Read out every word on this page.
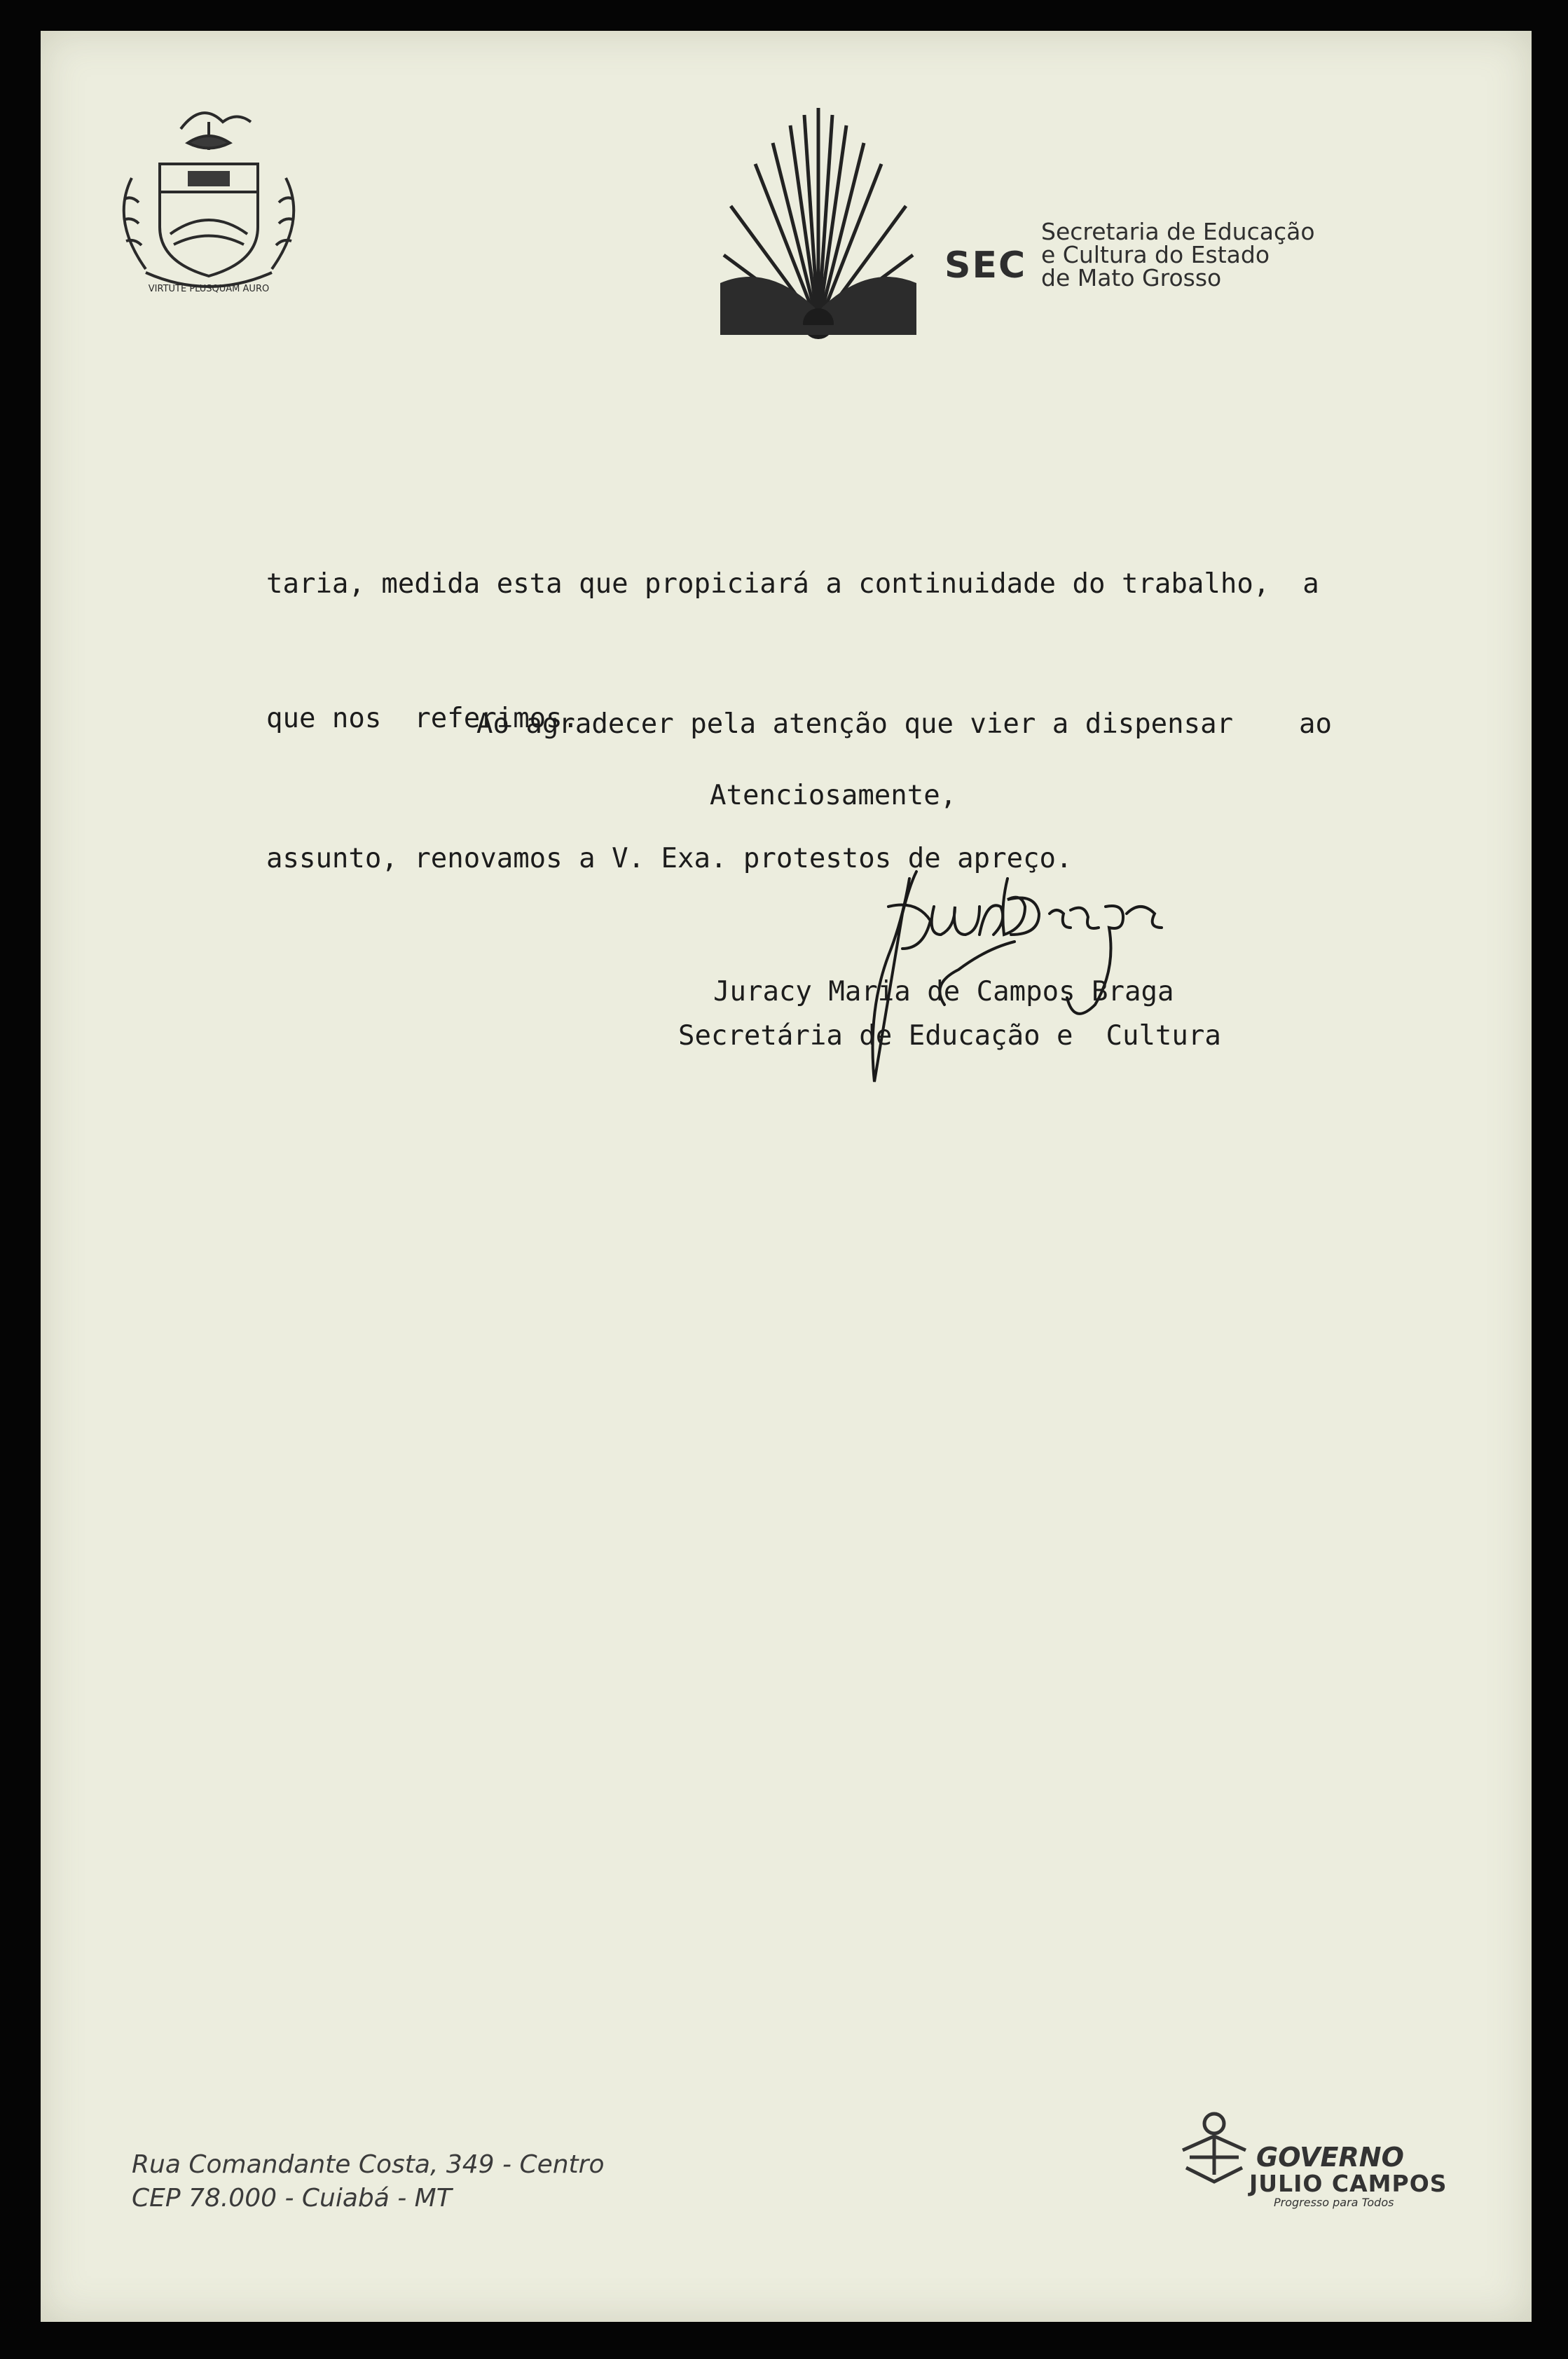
VIRTUTE PLUSQUAM AURO
SEC
Secretaria de Educação
e Cultura do Estado
de Mato Grosso

taria, medida esta que propiciará a continuidade do trabalho,  a

que nos  referimos.

Ao agradecer pela atenção que vier a dispensar    ao

assunto, renovamos a V. Exa. protestos de apreço.

Atenciosamente,
Juracy Maria de Campos Braga
Secretária de Educação e  Cultura
Rua Comandante Costa, 349 - Centro
CEP 78.000 - Cuiabá - MT
GOVERNO
JULIO CAMPOS
Progresso para Todos
